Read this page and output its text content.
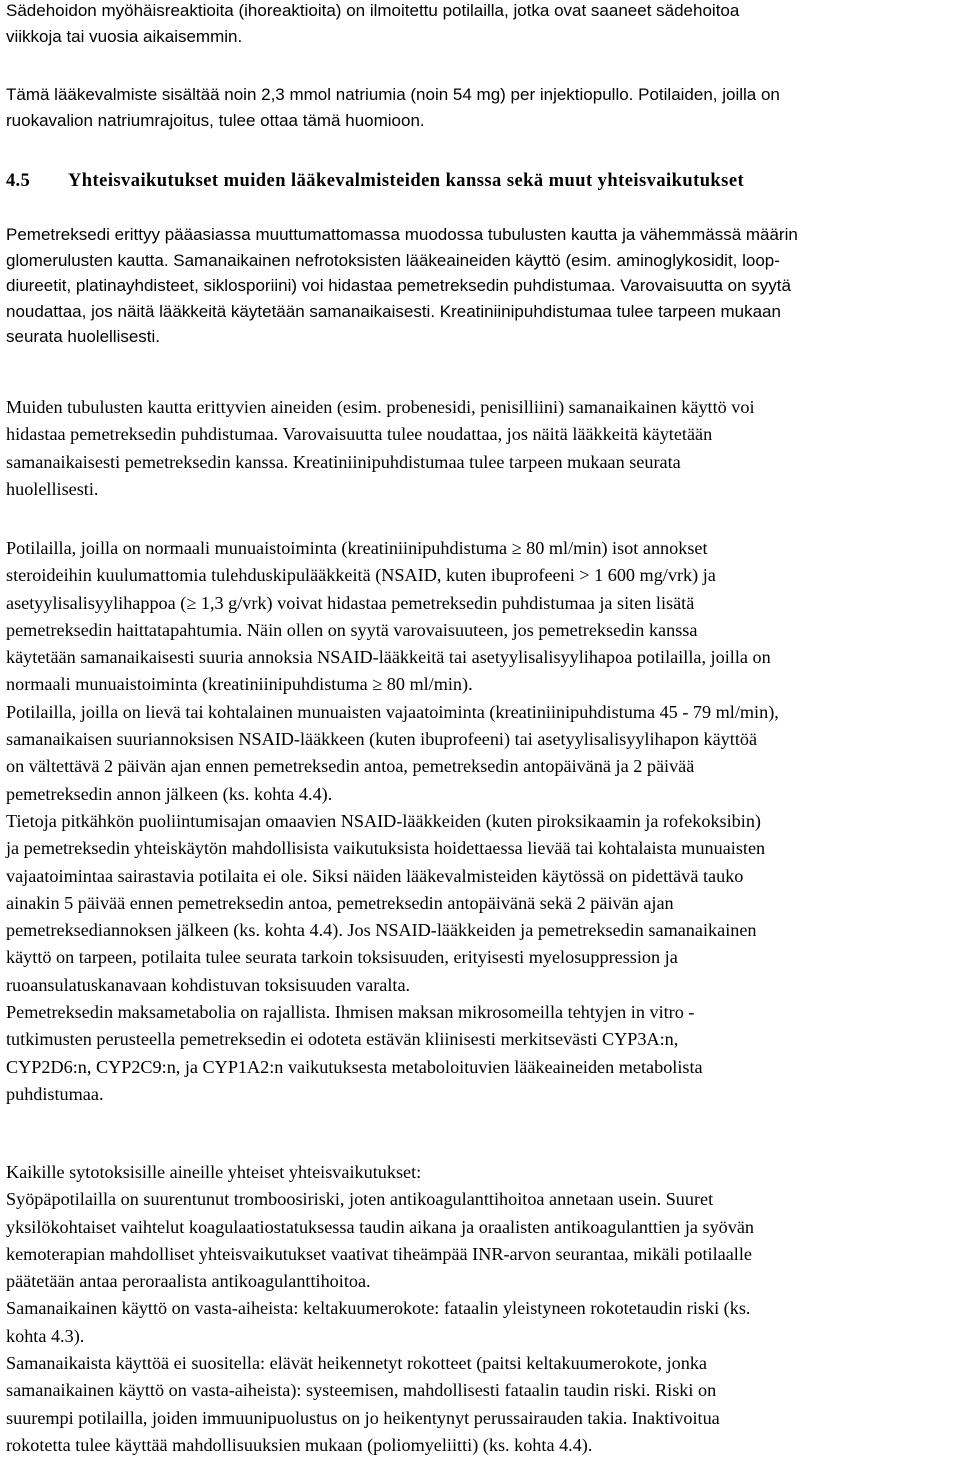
Sädehoidon myöhäisreaktioita (ihoreaktioita) on ilmoitettu potilailla, jotka ovat saaneet sädehoitoa
viikkoja tai vuosia aikaisemmin.

Tämä lääkevalmiste sisältää noin 2,3 mmol natriumia (noin 54 mg) per injektiopullo. Potilaiden, joilla on
ruokavalion natriumrajoitus, tulee ottaa tämä huomioon.

4.5 Yhteisvaikutukset muiden lääkevalmisteiden kanssa sekä muut yhteisvaikutukset

Pemetreksedi erittyy pääasiassa muuttumattomassa muodossa tubulusten kautta ja vähemmässä määrin
glomerulusten kautta. Samanaikainen nefrotoksisten lääkeaineiden käyttö (esim. aminoglykosidit, loop-
diureetit, platinayhdisteet, siklosporiini) voi hidastaa pemetreksedin puhdistumaa. Varovaisuutta on syytä
noudattaa, jos näitä lääkkeitä käytetään samanaikaisesti. Kreatiniinipuhdistumaa tulee tarpeen mukaan
seurata huolellisesti.

Muiden tubulusten kautta erittyvien aineiden (esim. probenesidi, penisilliini) samanaikainen käyttö voi
hidastaa pemetreksedin puhdistumaa. Varovaisuutta tulee noudattaa, jos näitä lääkkeitä käytetään
samanaikaisesti pemetreksedin kanssa. Kreatiniinipuhdistumaa tulee tarpeen mukaan seurata
huolellisesti.

Potilailla, joilla on normaali munuaistoiminta (kreatiniinipuhdistuma ≥ 80 ml/min) isot annokset
steroideihin kuulumattomia tulehduskipulääkkeitä (NSAID, kuten ibuprofeeni > 1 600 mg/vrk) ja
asetyylisalisyylihappoa (≥ 1,3 g/vrk) voivat hidastaa pemetreksedin puhdistumaa ja siten lisätä
pemetreksedin haittatapahtumia. Näin ollen on syytä varovaisuuteen, jos pemetreksedin kanssa
käytetään samanaikaisesti suuria annoksia NSAID-lääkkeitä tai asetyylisalisyylihapoa potilailla, joilla on
normaali munuaistoiminta (kreatiniinipuhdistuma ≥ 80 ml/min).
Potilailla, joilla on lievä tai kohtalainen munuaisten vajaatoiminta (kreatiniinipuhdistuma 45 - 79 ml/min),
samanaikaisen suuriannoksisen NSAID-lääkkeen (kuten ibuprofeeni) tai asetyylisalisyylihapon käyttöä
on vältettävä 2 päivän ajan ennen pemetreksedin antoa, pemetreksedin antopäivänä ja 2 päivää
pemetreksedin annon jälkeen (ks. kohta 4.4).
Tietoja pitkähkön puoliintumisajan omaavien NSAID-lääkkeiden (kuten piroksikaamin ja rofekoksibin)
ja pemetreksedin yhteiskäytön mahdollisista vaikutuksista hoidettaessa lievää tai kohtalaista munuaisten
vajaatoimintaa sairastavia potilaita ei ole. Siksi näiden lääkevalmisteiden käytössä on pidettävä tauko
ainakin 5 päivää ennen pemetreksedin antoa, pemetreksedin antopäivänä sekä 2 päivän ajan
pemetreksediannoksen jälkeen (ks. kohta 4.4). Jos NSAID-lääkkeiden ja pemetreksedin samanaikainen
käyttö on tarpeen, potilaita tulee seurata tarkoin toksisuuden, erityisesti myelosuppression ja
ruoansulatuskanavaan kohdistuvan toksisuuden varalta.
Pemetreksedin maksametabolia on rajallista. Ihmisen maksan mikrosomeilla tehtyjen in vitro -
tutkimusten perusteella pemetreksedin ei odoteta estävän kliinisesti merkitsevästi CYP3A:n,
CYP2D6:n, CYP2C9:n, ja CYP1A2:n vaikutuksesta metaboloituvien lääkeaineiden metabolista
puhdistumaa.

Kaikille sytotoksisille aineille yhteiset yhteisvaikutukset:
Syöpäpotilailla on suurentunut tromboosiriski, joten antikoagulanttihoitoa annetaan usein. Suuret
yksilökohtaiset vaihtelut koagulaatiostatuksessa taudin aikana ja oraalisten antikoagulanttien ja syövän
kemoterapian mahdolliset yhteisvaikutukset vaativat tiheämpää INR-arvon seurantaa, mikäli potilaalle
päätetään antaa peroraalista antikoagulanttihoitoa.
Samanaikainen käyttö on vasta-aiheista: keltakuumerokote: fataalin yleistyneen rokotetaudin riski (ks.
kohta 4.3).
Samanaikaista käyttöä ei suositella: elävät heikennetyt rokotteet (paitsi keltakuumerokote, jonka
samanaikainen käyttö on vasta-aiheista): systeemisen, mahdollisesti fataalin taudin riski. Riski on
suurempi potilailla, joiden immuunipuolustus on jo heikentynyt perussairauden takia. Inaktivoitua
rokotetta tulee käyttää mahdollisuuksien mukaan (poliomyeliitti) (ks. kohta 4.4).
